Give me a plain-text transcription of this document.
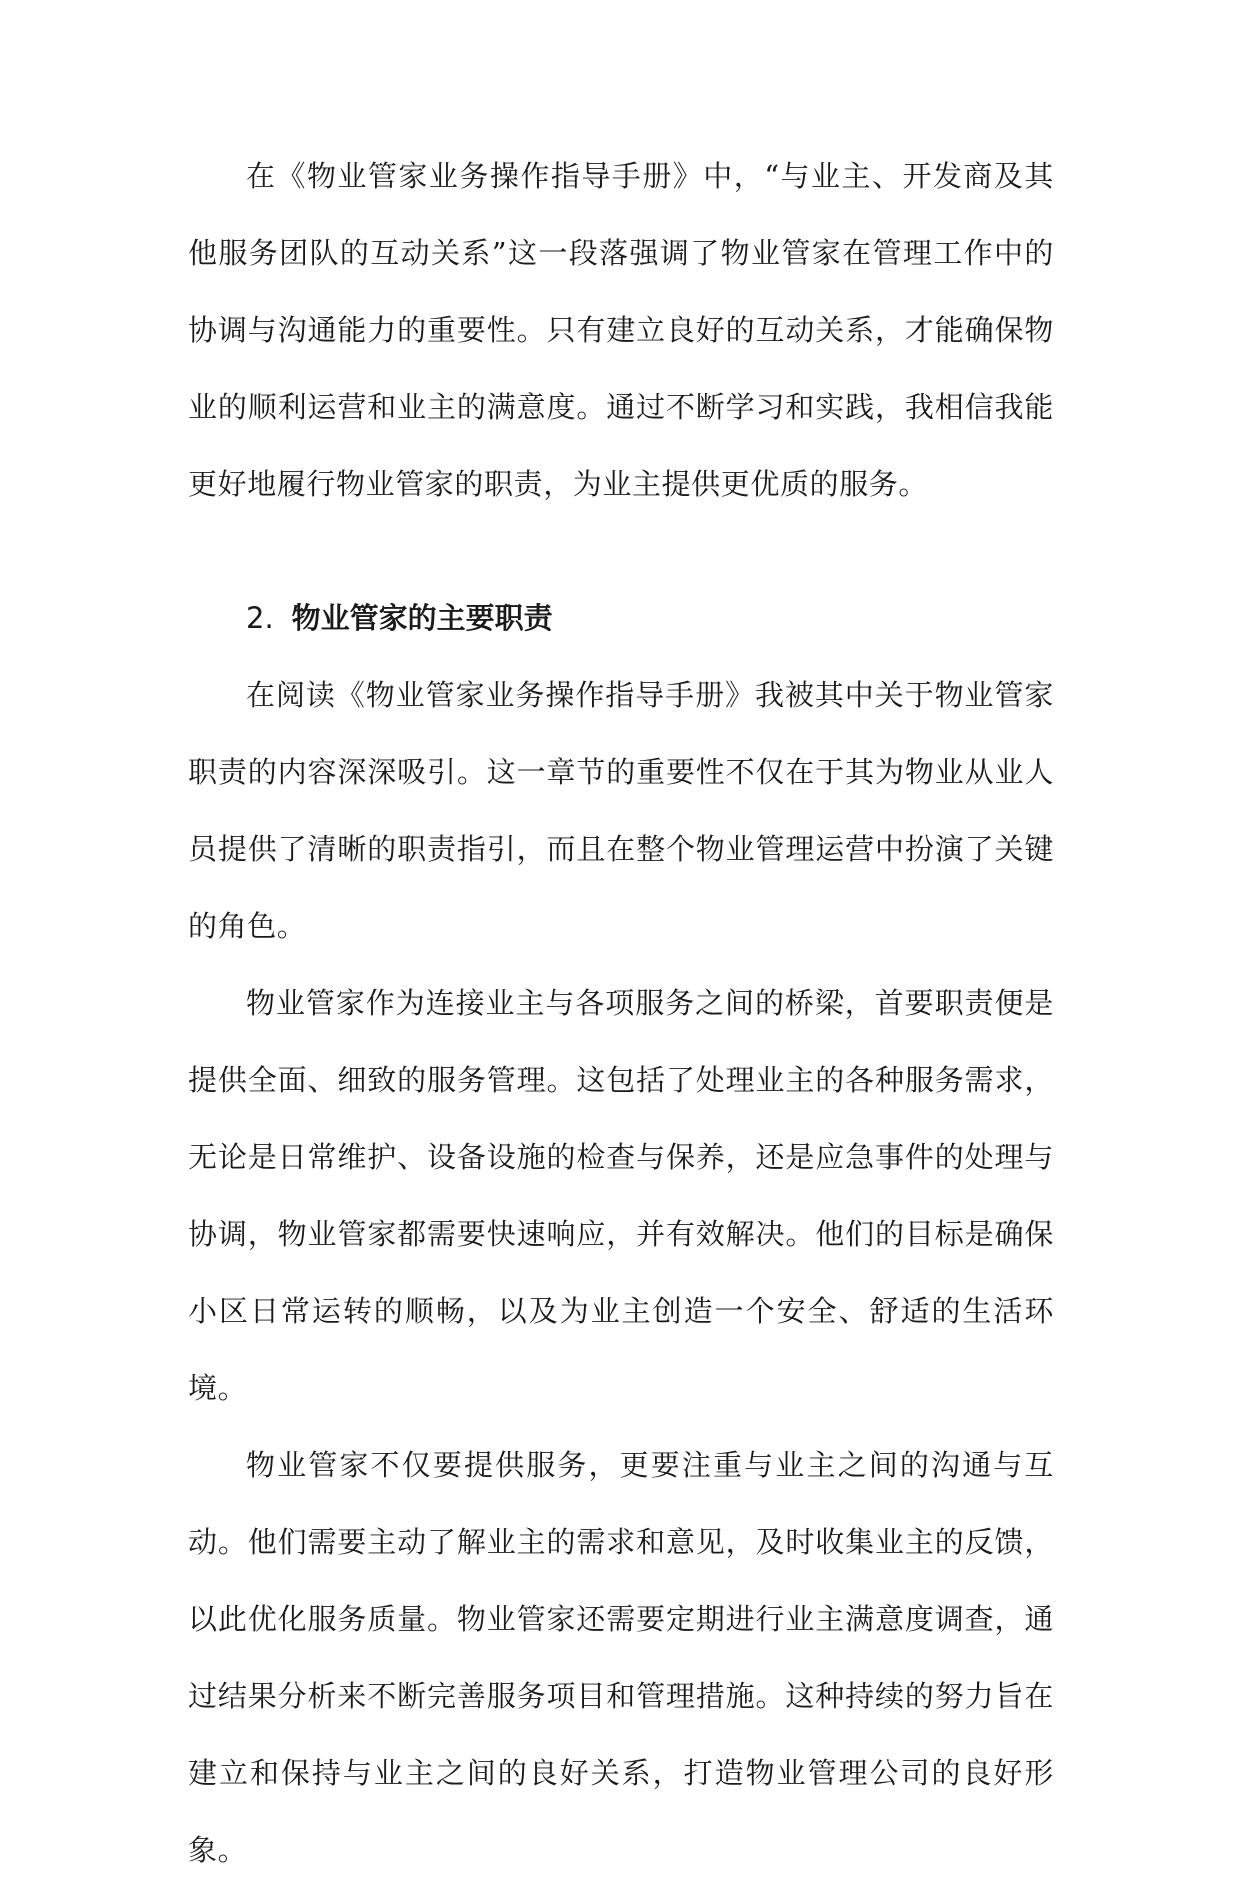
在《物业管家业务操作指导手册》中，“与业主、开发商及其他服务团队的互动关系”这一段落强调了物业管家在管理工作中的协调与沟通能力的重要性。只有建立良好的互动关系，才能确保物业的顺利运营和业主的满意度。通过不断学习和实践，我相信我能更好地履行物业管家的职责，为业主提供更优质的服务。

2. 物业管家的主要职责

在阅读《物业管家业务操作指导手册》我被其中关于物业管家职责的内容深深吸引。这一章节的重要性不仅在于其为物业从业人员提供了清晰的职责指引，而且在整个物业管理运营中扮演了关键的角色。

物业管家作为连接业主与各项服务之间的桥梁，首要职责便是提供全面、细致的服务管理。这包括了处理业主的各种服务需求，无论是日常维护、设备设施的检查与保养，还是应急事件的处理与协调，物业管家都需要快速响应，并有效解决。他们的目标是确保小区日常运转的顺畅，以及为业主创造一个安全、舒适的生活环境。

物业管家不仅要提供服务，更要注重与业主之间的沟通与互动。他们需要主动了解业主的需求和意见，及时收集业主的反馈，以此优化服务质量。物业管家还需要定期进行业主满意度调查，通过结果分析来不断完善服务项目和管理措施。这种持续的努力旨在建立和保持与业主之间的良好关系，打造物业管理公司的良好形象。
